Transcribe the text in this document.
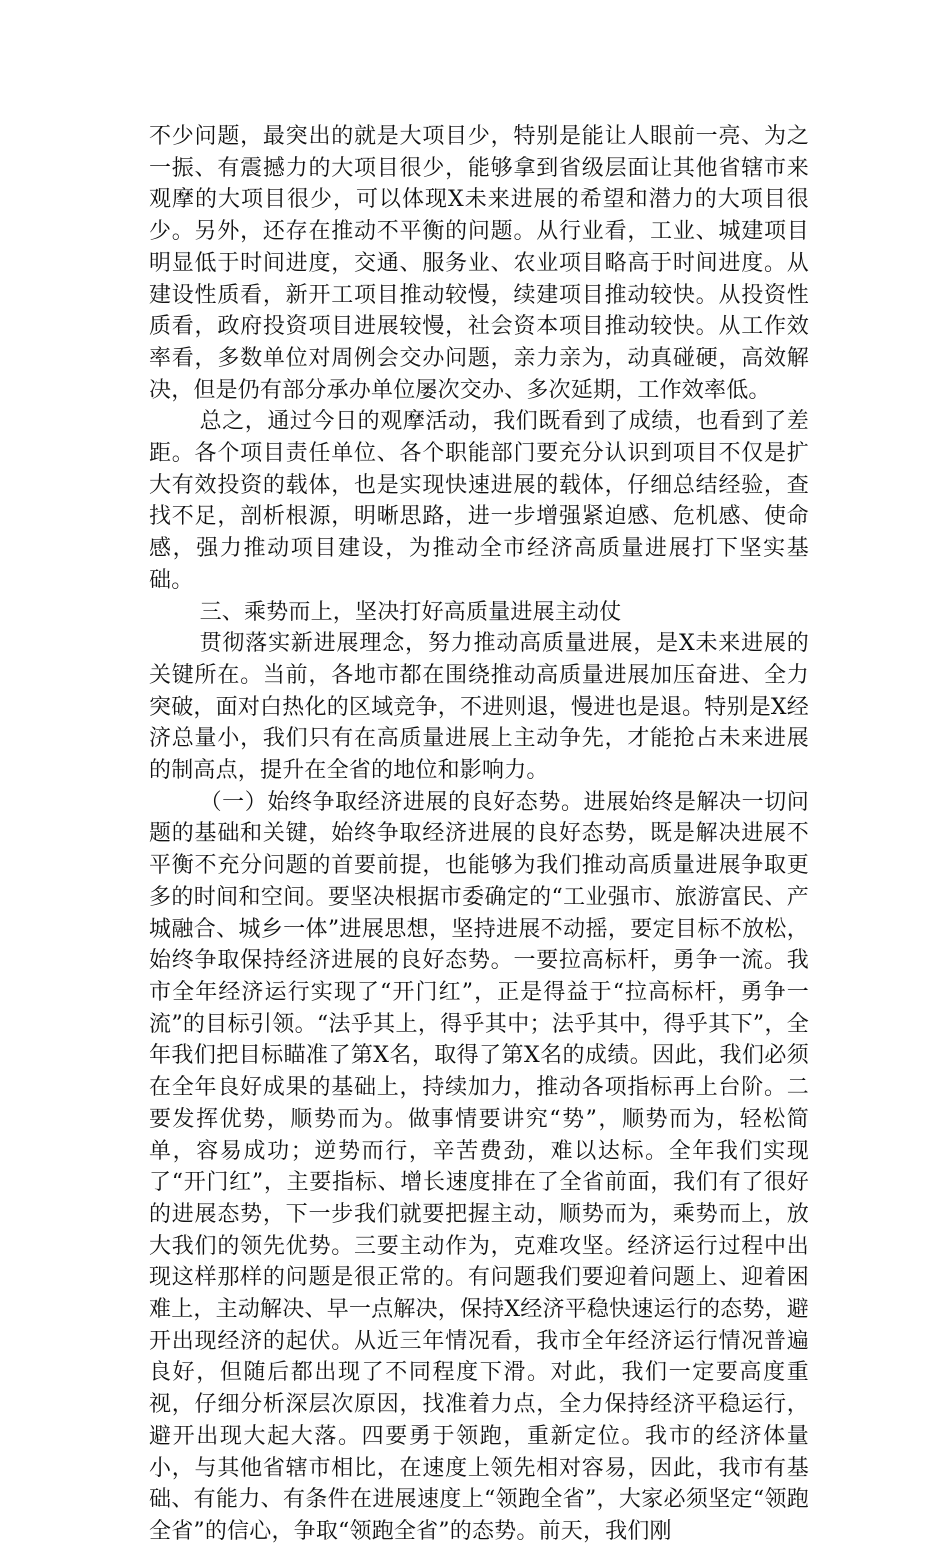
不少问题，最突出的就是大项目少，特别是能让人眼前一亮、为之一振、有震撼力的大项目很少，能够拿到省级层面让其他省辖市来观摩的大项目很少，可以体现X未来进展的希望和潜力的大项目很少。另外，还存在推动不平衡的问题。从行业看，工业、城建项目明显低于时间进度，交通、服务业、农业项目略高于时间进度。从建设性质看，新开工项目推动较慢，续建项目推动较快。从投资性质看，政府投资项目进展较慢，社会资本项目推动较快。从工作效率看，多数单位对周例会交办问题，亲力亲为，动真碰硬，高效解决，但是仍有部分承办单位屡次交办、多次延期，工作效率低。

总之，通过今日的观摩活动，我们既看到了成绩，也看到了差距。各个项目责任单位、各个职能部门要充分认识到项目不仅是扩大有效投资的载体，也是实现快速进展的载体，仔细总结经验，查找不足，剖析根源，明晰思路，进一步增强紧迫感、危机感、使命感，强力推动项目建设，为推动全市经济高质量进展打下坚实基础。

三、乘势而上，坚决打好高质量进展主动仗

贯彻落实新进展理念，努力推动高质量进展，是X未来进展的关键所在。当前，各地市都在围绕推动高质量进展加压奋进、全力突破，面对白热化的区域竞争，不进则退，慢进也是退。特别是X经济总量小，我们只有在高质量进展上主动争先，才能抢占未来进展的制高点，提升在全省的地位和影响力。

（一）始终争取经济进展的良好态势。进展始终是解决一切问题的基础和关键，始终争取经济进展的良好态势，既是解决进展不平衡不充分问题的首要前提，也能够为我们推动高质量进展争取更多的时间和空间。要坚决根据市委确定的“工业强市、旅游富民、产城融合、城乡一体”进展思想，坚持进展不动摇，要定目标不放松，始终争取保持经济进展的良好态势。一要拉高标杆，勇争一流。我市全年经济运行实现了“开门红”，正是得益于“拉高标杆，勇争一流”的目标引领。“法乎其上，得乎其中；法乎其中，得乎其下”，全年我们把目标瞄准了第X名，取得了第X名的成绩。因此，我们必须在全年良好成果的基础上，持续加力，推动各项指标再上台阶。二要发挥优势，顺势而为。做事情要讲究“势”，顺势而为，轻松简单，容易成功；逆势而行，辛苦费劲，难以达标。全年我们实现了“开门红”，主要指标、增长速度排在了全省前面，我们有了很好的进展态势，下一步我们就要把握主动，顺势而为，乘势而上，放大我们的领先优势。三要主动作为，克难攻坚。经济运行过程中出现这样那样的问题是很正常的。有问题我们要迎着问题上、迎着困难上，主动解决、早一点解决，保持X经济平稳快速运行的态势，避开出现经济的起伏。从近三年情况看，我市全年经济运行情况普遍良好，但随后都出现了不同程度下滑。对此，我们一定要高度重视，仔细分析深层次原因，找准着力点，全力保持经济平稳运行，避开出现大起大落。四要勇于领跑，重新定位。我市的经济体量小，与其他省辖市相比，在速度上领先相对容易，因此，我市有基础、有能力、有条件在进展速度上“领跑全省”，大家必须坚定“领跑全省”的信心，争取“领跑全省”的态势。前天，我们刚
